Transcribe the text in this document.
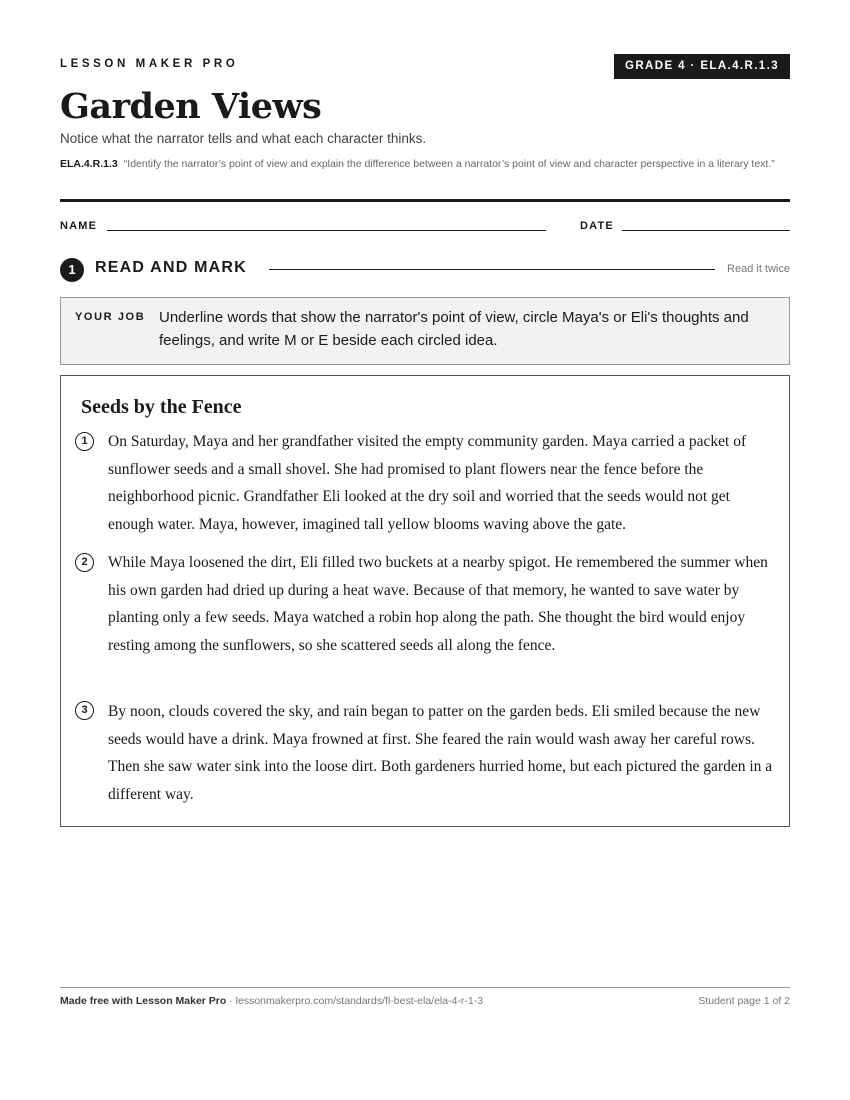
LESSON MAKER PRO	GRADE 4 · ELA.4.R.1.3
Garden Views
Notice what the narrator tells and what each character thinks.
ELA.4.R.1.3 “Identify the narrator’s point of view and explain the difference between a narrator’s point of view and character perspective in a literary text.”
NAME	DATE
1	READ AND MARK	Read it twice
YOUR JOB Underline words that show the narrator's point of view, circle Maya's or Eli's thoughts and feelings, and write M or E beside each circled idea.
Seeds by the Fence
1	On Saturday, Maya and her grandfather visited the empty community garden. Maya carried a packet of sunflower seeds and a small shovel. She had promised to plant flowers near the fence before the neighborhood picnic. Grandfather Eli looked at the dry soil and worried that the seeds would not get enough water. Maya, however, imagined tall yellow blooms waving above the gate.
2	While Maya loosened the dirt, Eli filled two buckets at a nearby spigot. He remembered the summer when his own garden had dried up during a heat wave. Because of that memory, he wanted to save water by planting only a few seeds. Maya watched a robin hop along the path. She thought the bird would enjoy resting among the sunflowers, so she scattered seeds all along the fence.
3	By noon, clouds covered the sky, and rain began to patter on the garden beds. Eli smiled because the new seeds would have a drink. Maya frowned at first. She feared the rain would wash away her careful rows. Then she saw water sink into the loose dirt. Both gardeners hurried home, but each pictured the garden in a different way.
Made free with Lesson Maker Pro · lessonmakerpro.com/standards/fl-best-ela/ela-4-r-1-3	Student page 1 of 2
